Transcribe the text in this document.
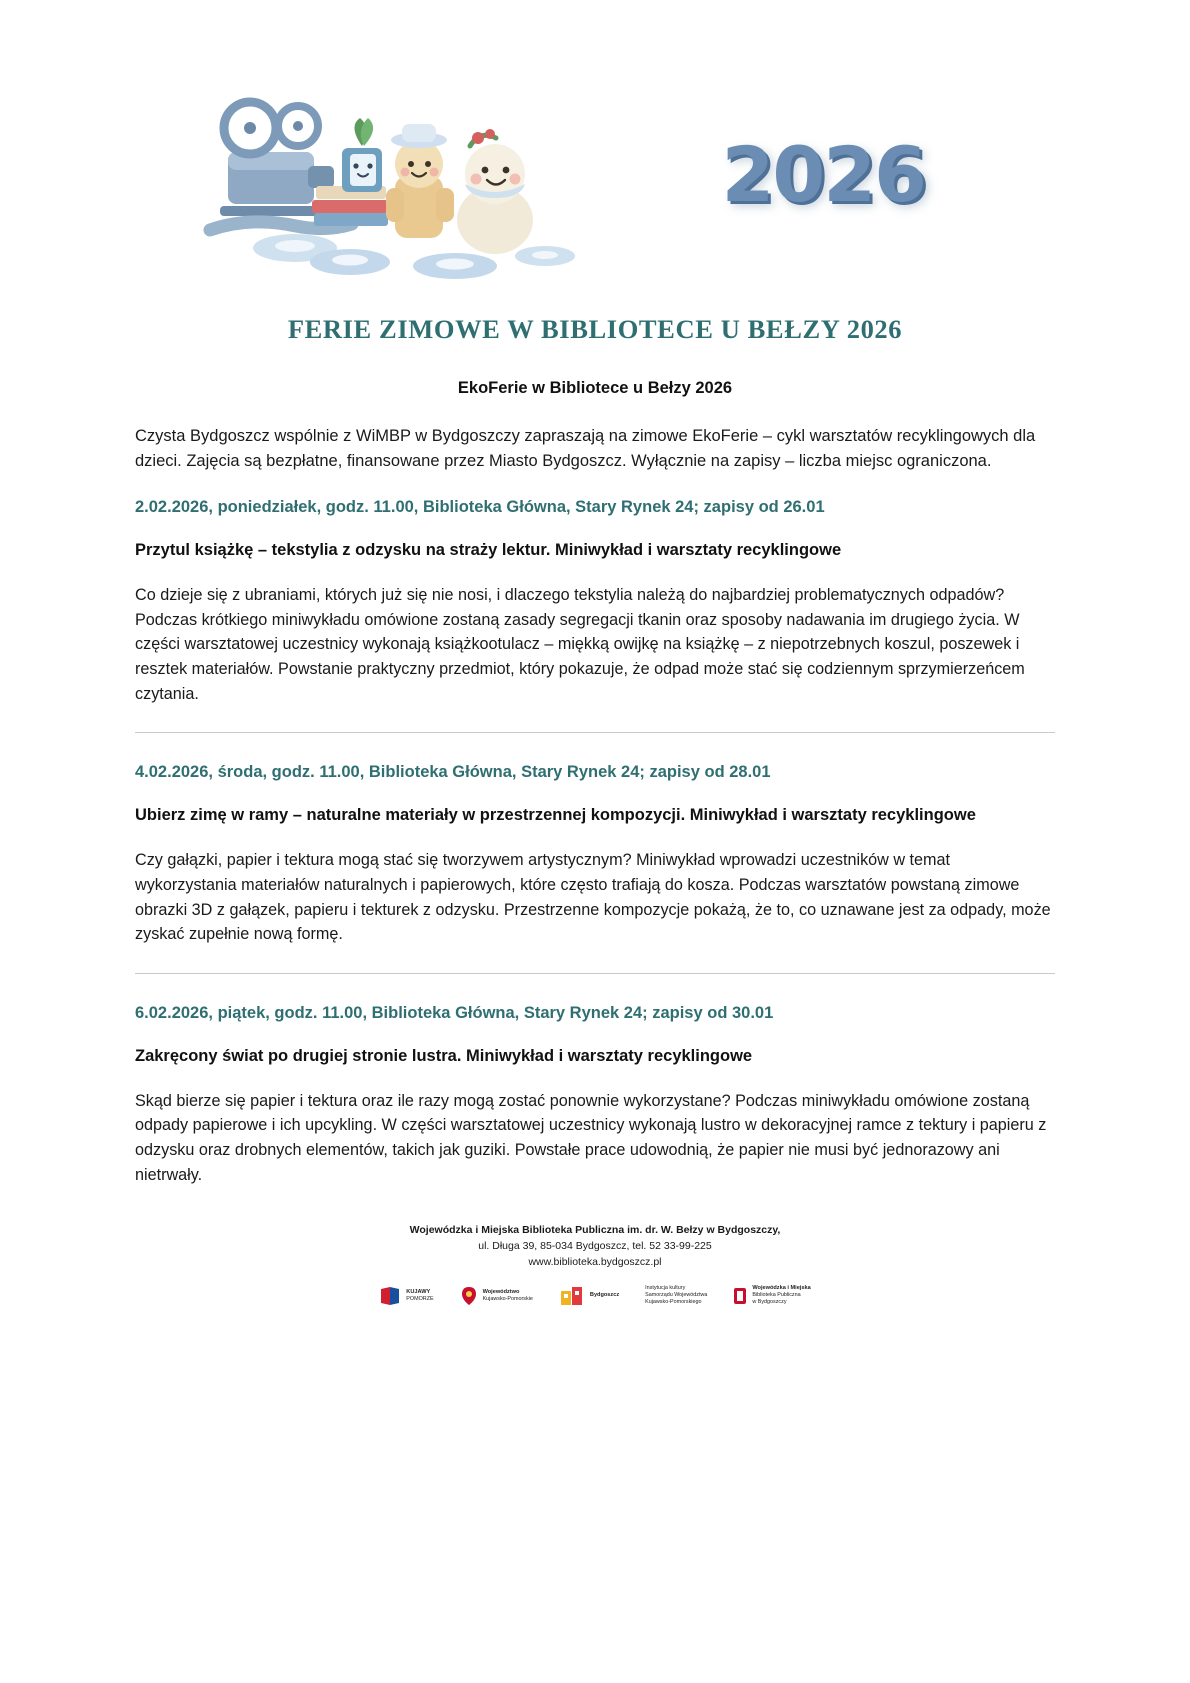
2026
FERIE ZIMOWE W BIBLIOTECE U BEŁZY 2026
EkoFerie w Bibliotece u Bełzy 2026

Czysta Bydgoszcz wspólnie z WiMBP w Bydgoszczy zapraszają na zimowe EkoFerie – cykl warsztatów recyklingowych dla dzieci. Zajęcia są bezpłatne, finansowane przez Miasto Bydgoszcz. Wyłącznie na zapisy – liczba miejsc ograniczona.

2.02.2026, poniedziałek, godz. 11.00, Biblioteka Główna, Stary Rynek 24; zapisy od 26.01

Przytul książkę – tekstylia z odzysku na straży lektur. Miniwykład i warsztaty recyklingowe

Co dzieje się z ubraniami, których już się nie nosi, i dlaczego tekstylia należą do najbardziej problematycznych odpadów? Podczas krótkiego miniwykładu omówione zostaną zasady segregacji tkanin oraz sposoby nadawania im drugiego życia. W części warsztatowej uczestnicy wykonają książkootulacz – miękką owijkę na książkę – z niepotrzebnych koszul, poszewek i resztek materiałów. Powstanie praktyczny przedmiot, który pokazuje, że odpad może stać się codziennym sprzymierzeńcem czytania.

4.02.2026, środa, godz. 11.00, Biblioteka Główna, Stary Rynek 24; zapisy od 28.01

Ubierz zimę w ramy – naturalne materiały w przestrzennej kompozycji. Miniwykład i warsztaty recyklingowe

Czy gałązki, papier i tektura mogą stać się tworzywem artystycznym? Miniwykład wprowadzi uczestników w temat wykorzystania materiałów naturalnych i papierowych, które często trafiają do kosza. Podczas warsztatów powstaną zimowe obrazki 3D z gałązek, papieru i tekturek z odzysku. Przestrzenne kompozycje pokażą, że to, co uznawane jest za odpady, może zyskać zupełnie nową formę.

6.02.2026, piątek, godz. 11.00, Biblioteka Główna, Stary Rynek 24; zapisy od 30.01

Zakręcony świat po drugiej stronie lustra. Miniwykład i warsztaty recyklingowe

Skąd bierze się papier i tektura oraz ile razy mogą zostać ponownie wykorzystane? Podczas miniwykładu omówione zostaną odpady papierowe i ich upcykling. W części warsztatowej uczestnicy wykonają lustro w dekoracyjnej ramce z tektury i papieru z odzysku oraz drobnych elementów, takich jak guziki. Powstałe prace udowodnią, że papier nie musi być jednorazowy ani nietrwały.

Wojewódzka i Miejska Biblioteka Publiczna im. dr. W. Bełzy w Bydgoszczy,
ul. Długa 39, 85-034 Bydgoszcz, tel. 52 33-99-225
www.biblioteka.bydgoszcz.pl
KUJAWY
POMORZE
Województwo
Kujawsko-Pomorskie
Bydgoszcz
Instytucja kultury
Samorządu Województwa
Kujawsko-Pomorskiego
Wojewódzka i Miejska
Biblioteka Publiczna
w Bydgoszczy
